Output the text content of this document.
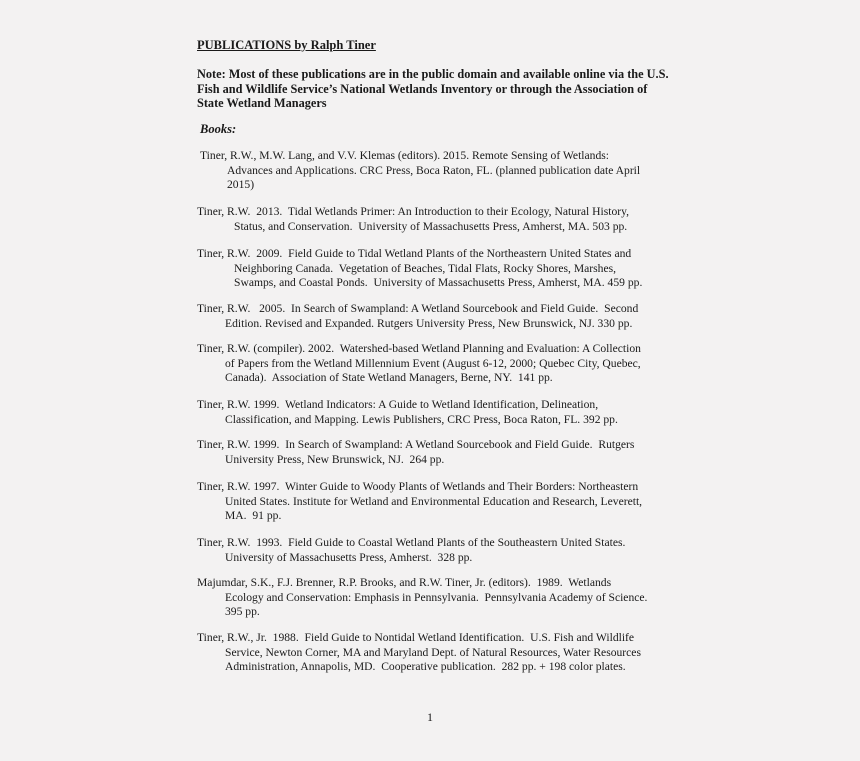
PUBLICATIONS by Ralph Tiner
Note: Most of these publications are in the public domain and available online via the U.S. Fish and Wildlife Service’s National Wetlands Inventory or through the Association of State Wetland Managers
Books:
Tiner, R.W., M.W. Lang, and V.V. Klemas (editors). 2015. Remote Sensing of Wetlands:
Advances and Applications. CRC Press, Boca Raton, FL. (planned publication date April
2015)
Tiner, R.W.  2013.  Tidal Wetlands Primer: An Introduction to their Ecology, Natural History,
Status, and Conservation.  University of Massachusetts Press, Amherst, MA. 503 pp.
Tiner, R.W.  2009.  Field Guide to Tidal Wetland Plants of the Northeastern United States and
Neighboring Canada.  Vegetation of Beaches, Tidal Flats, Rocky Shores, Marshes,
Swamps, and Coastal Ponds.  University of Massachusetts Press, Amherst, MA. 459 pp.
Tiner, R.W.   2005.  In Search of Swampland: A Wetland Sourcebook and Field Guide.  Second
Edition. Revised and Expanded. Rutgers University Press, New Brunswick, NJ. 330 pp.
Tiner, R.W. (compiler). 2002.  Watershed-based Wetland Planning and Evaluation: A Collection
of Papers from the Wetland Millennium Event (August 6-12, 2000; Quebec City, Quebec,
Canada).  Association of State Wetland Managers, Berne, NY.  141 pp.
Tiner, R.W. 1999.  Wetland Indicators: A Guide to Wetland Identification, Delineation,
Classification, and Mapping. Lewis Publishers, CRC Press, Boca Raton, FL. 392 pp.
Tiner, R.W. 1999.  In Search of Swampland: A Wetland Sourcebook and Field Guide.  Rutgers
University Press, New Brunswick, NJ.  264 pp.
Tiner, R.W. 1997.  Winter Guide to Woody Plants of Wetlands and Their Borders: Northeastern
United States. Institute for Wetland and Environmental Education and Research, Leverett,
MA.  91 pp.
Tiner, R.W.  1993.  Field Guide to Coastal Wetland Plants of the Southeastern United States.
University of Massachusetts Press, Amherst.  328 pp.
Majumdar, S.K., F.J. Brenner, R.P. Brooks, and R.W. Tiner, Jr. (editors).  1989.  Wetlands
Ecology and Conservation: Emphasis in Pennsylvania.  Pennsylvania Academy of Science.
395 pp.
Tiner, R.W., Jr.  1988.  Field Guide to Nontidal Wetland Identification.  U.S. Fish and Wildlife
Service, Newton Corner, MA and Maryland Dept. of Natural Resources, Water Resources
Administration, Annapolis, MD.  Cooperative publication.  282 pp. + 198 color plates.
1
